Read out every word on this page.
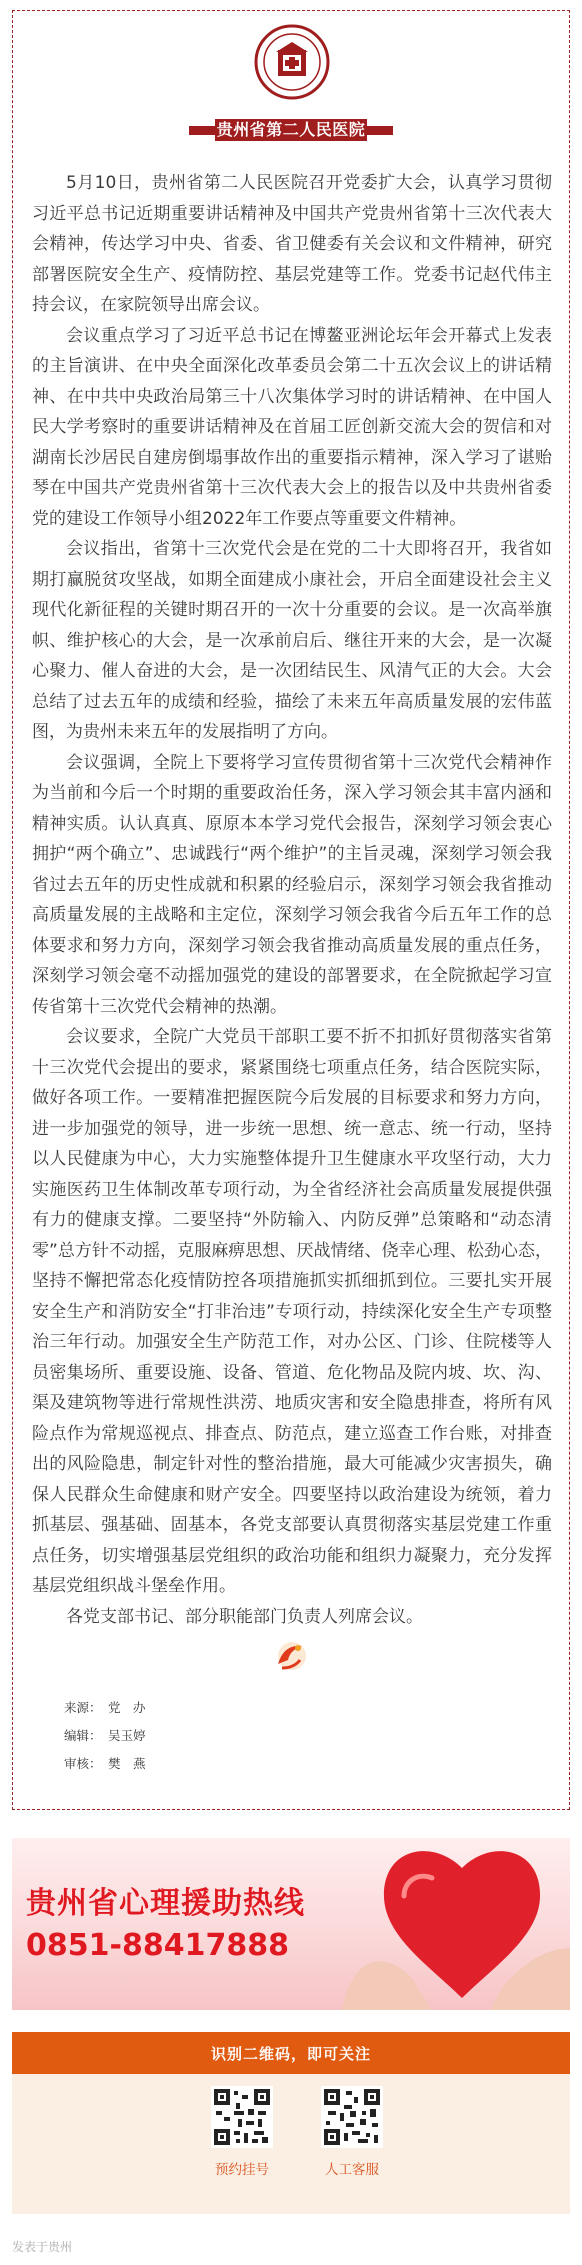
贵州省第二人民医院

5月10日，贵州省第二人民医院召开党委扩大会，认真学习贯彻习近平总书记近期重要讲话精神及中国共产党贵州省第十三次代表大会精神，传达学习中央、省委、省卫健委有关会议和文件精神，研究部署医院安全生产、疫情防控、基层党建等工作。党委书记赵代伟主持会议，在家院领导出席会议。

会议重点学习了习近平总书记在博鳌亚洲论坛年会开幕式上发表的主旨演讲、在中央全面深化改革委员会第二十五次会议上的讲话精神、在中共中央政治局第三十八次集体学习时的讲话精神、在中国人民大学考察时的重要讲话精神及在首届工匠创新交流大会的贺信和对湖南长沙居民自建房倒塌事故作出的重要指示精神，深入学习了谌贻琴在中国共产党贵州省第十三次代表大会上的报告以及中共贵州省委党的建设工作领导小组2022年工作要点等重要文件精神。

会议指出，省第十三次党代会是在党的二十大即将召开，我省如期打赢脱贫攻坚战，如期全面建成小康社会，开启全面建设社会主义现代化新征程的关键时期召开的一次十分重要的会议。是一次高举旗帜、维护核心的大会，是一次承前启后、继往开来的大会，是一次凝心聚力、催人奋进的大会，是一次团结民生、风清气正的大会。大会总结了过去五年的成绩和经验，描绘了未来五年高质量发展的宏伟蓝图，为贵州未来五年的发展指明了方向。

会议强调，全院上下要将学习宣传贯彻省第十三次党代会精神作为当前和今后一个时期的重要政治任务，深入学习领会其丰富内涵和精神实质。认认真真、原原本本学习党代会报告，深刻学习领会衷心拥护“两个确立”、忠诚践行“两个维护”的主旨灵魂，深刻学习领会我省过去五年的历史性成就和积累的经验启示，深刻学习领会我省推动高质量发展的主战略和主定位，深刻学习领会我省今后五年工作的总体要求和努力方向，深刻学习领会我省推动高质量发展的重点任务，深刻学习领会毫不动摇加强党的建设的部署要求，在全院掀起学习宣传省第十三次党代会精神的热潮。

会议要求，全院广大党员干部职工要不折不扣抓好贯彻落实省第十三次党代会提出的要求，紧紧围绕七项重点任务，结合医院实际，做好各项工作。一要精准把握医院今后发展的目标要求和努力方向，进一步加强党的领导，进一步统一思想、统一意志、统一行动，坚持以人民健康为中心，大力实施整体提升卫生健康水平攻坚行动，大力实施医药卫生体制改革专项行动，为全省经济社会高质量发展提供强有力的健康支撑。二要坚持“外防输入、内防反弹”总策略和“动态清零”总方针不动摇，克服麻痹思想、厌战情绪、侥幸心理、松劲心态，坚持不懈把常态化疫情防控各项措施抓实抓细抓到位。三要扎实开展安全生产和消防安全“打非治违”专项行动，持续深化安全生产专项整治三年行动。加强安全生产防范工作，对办公区、门诊、住院楼等人员密集场所、重要设施、设备、管道、危化物品及院内坡、坎、沟、渠及建筑物等进行常规性洪涝、地质灾害和安全隐患排查，将所有风险点作为常规巡视点、排查点、防范点，建立巡查工作台账，对排查出的风险隐患，制定针对性的整治措施，最大可能减少灾害损失，确保人民群众生命健康和财产安全。四要坚持以政治建设为统领，着力抓基层、强基础、固基本，各党支部要认真贯彻落实基层党建工作重点任务，切实增强基层党组织的政治功能和组织力凝聚力，充分发挥基层党组织战斗堡垒作用。

各党支部书记、部分职能部门负责人列席会议。

来源： 党　办
编辑： 吴玉婷
审核： 樊　燕
贵州省心理援助热线
0851-88417888
识别二维码，即可关注
预约挂号	人工客服
发表于贵州
